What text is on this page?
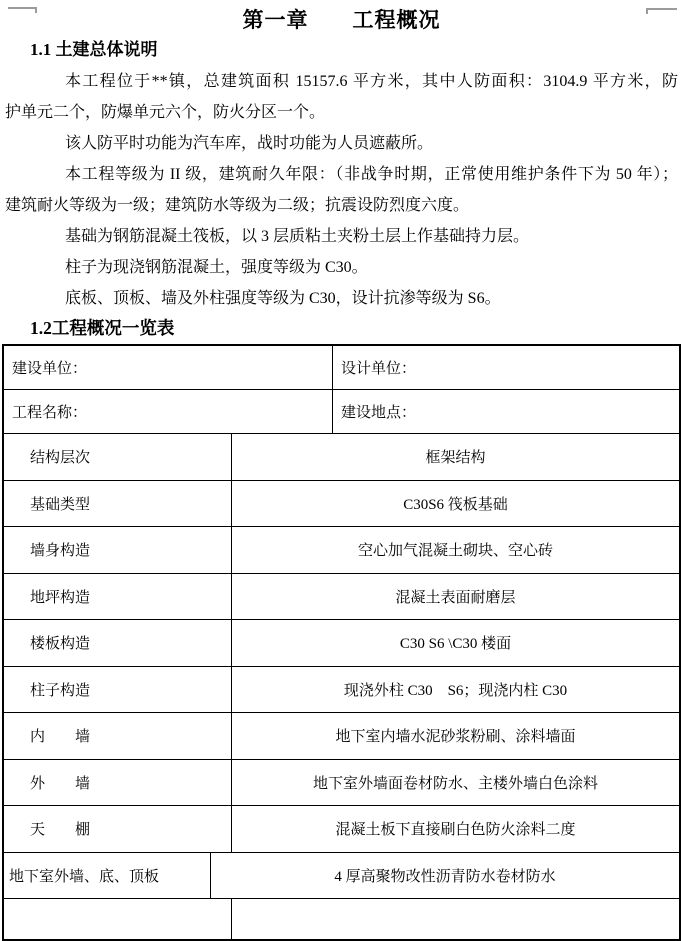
第一章　　工程概况
1.1 土建总体说明
本工程位于**镇，总建筑面积 15157.6 平方米，其中人防面积：3104.9 平方米，防
护单元二个，防爆单元六个，防火分区一个。
该人防平时功能为汽车库，战时功能为人员遮蔽所。
本工程等级为 II 级，建筑耐久年限：（非战争时期，正常使用维护条件下为 50 年）；
建筑耐火等级为一级；建筑防水等级为二级；抗震设防烈度六度。
基础为钢筋混凝土筏板，以 3 层质粘土夹粉土层上作基础持力层。
柱子为现浇钢筋混凝土，强度等级为 C30。
底板、顶板、墙及外柱强度等级为 C30，设计抗渗等级为 S6。
1.2工程概况一览表
建设单位：	设计单位：
工程名称：	建设地点：
结构层次	框架结构
基础类型	C30S6 筏板基础
墙身构造	空心加气混凝土砌块、空心砖
地坪构造	混凝土表面耐磨层
楼板构造	C30 S6 \C30 楼面
柱子构造	现浇外柱 C30　S6；现浇内柱 C30
内　　墙	地下室内墙水泥砂浆粉刷、涂料墙面
外　　墙	地下室外墙面卷材防水、主楼外墙白色涂料
天　　棚	混凝土板下直接刷白色防火涂料二度
地下室外墙、底、顶板	4 厚高聚物改性沥青防水卷材防水
